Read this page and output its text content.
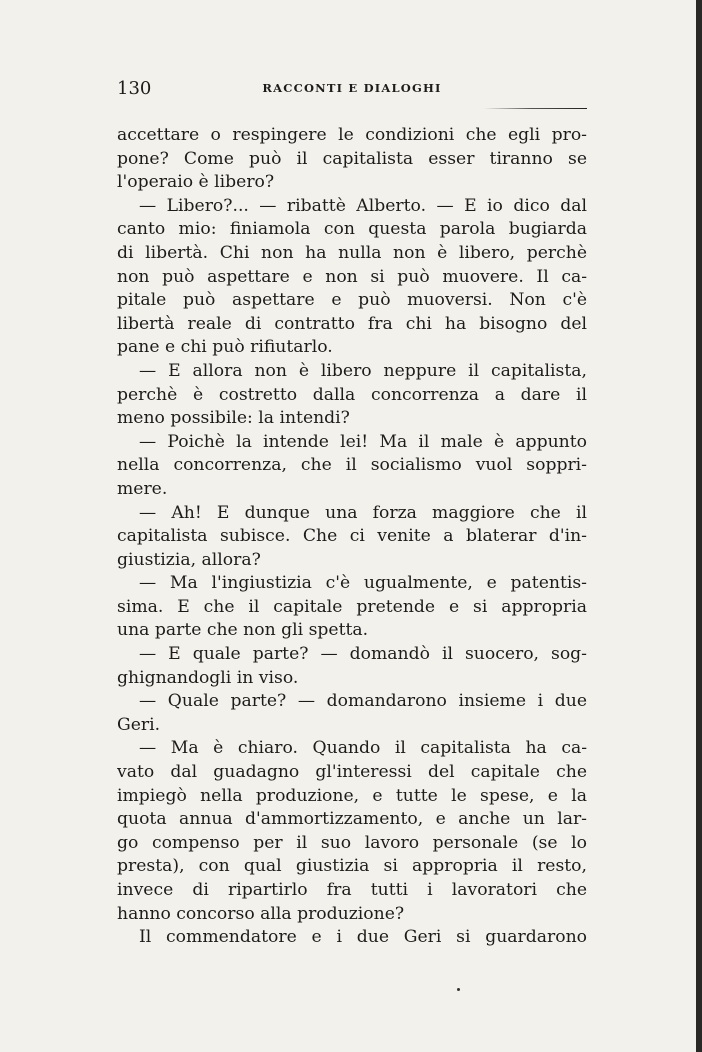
130	RACCONTI E DIALOGHI
accettare o respingere le condizioni che egli pro-
pone? Come può il capitalista esser tiranno se
l'operaio è libero?
— Libero?... — ribattè Alberto. — E io dico dal
canto mio: finiamola con questa parola bugiarda
di libertà. Chi non ha nulla non è libero, perchè
non può aspettare e non si può muovere. Il ca-
pitale può aspettare e può muoversi. Non c'è
libertà reale di contratto fra chi ha bisogno del
pane e chi può rifiutarlo.
— E allora non è libero neppure il capitalista,
perchè è costretto dalla concorrenza a dare il
meno possibile: la intendi?
— Poichè la intende lei! Ma il male è appunto
nella concorrenza, che il socialismo vuol soppri-
mere.
— Ah! E dunque una forza maggiore che il
capitalista subisce. Che ci venite a blaterar d'in-
giustizia, allora?
— Ma l'ingiustizia c'è ugualmente, e patentis-
sima. E che il capitale pretende e si appropria
una parte che non gli spetta.
— E quale parte? — domandò il suocero, sog-
ghignandogli in viso.
— Quale parte? — domandarono insieme i due
Geri.
— Ma è chiaro. Quando il capitalista ha ca-
vato dal guadagno gl'interessi del capitale che
impiegò nella produzione, e tutte le spese, e la
quota annua d'ammortizzamento, e anche un lar-
go compenso per il suo lavoro personale (se lo
presta), con qual giustizia si appropria il resto,
invece di ripartirlo fra tutti i lavoratori che
hanno concorso alla produzione?
Il commendatore e i due Geri si guardarono
